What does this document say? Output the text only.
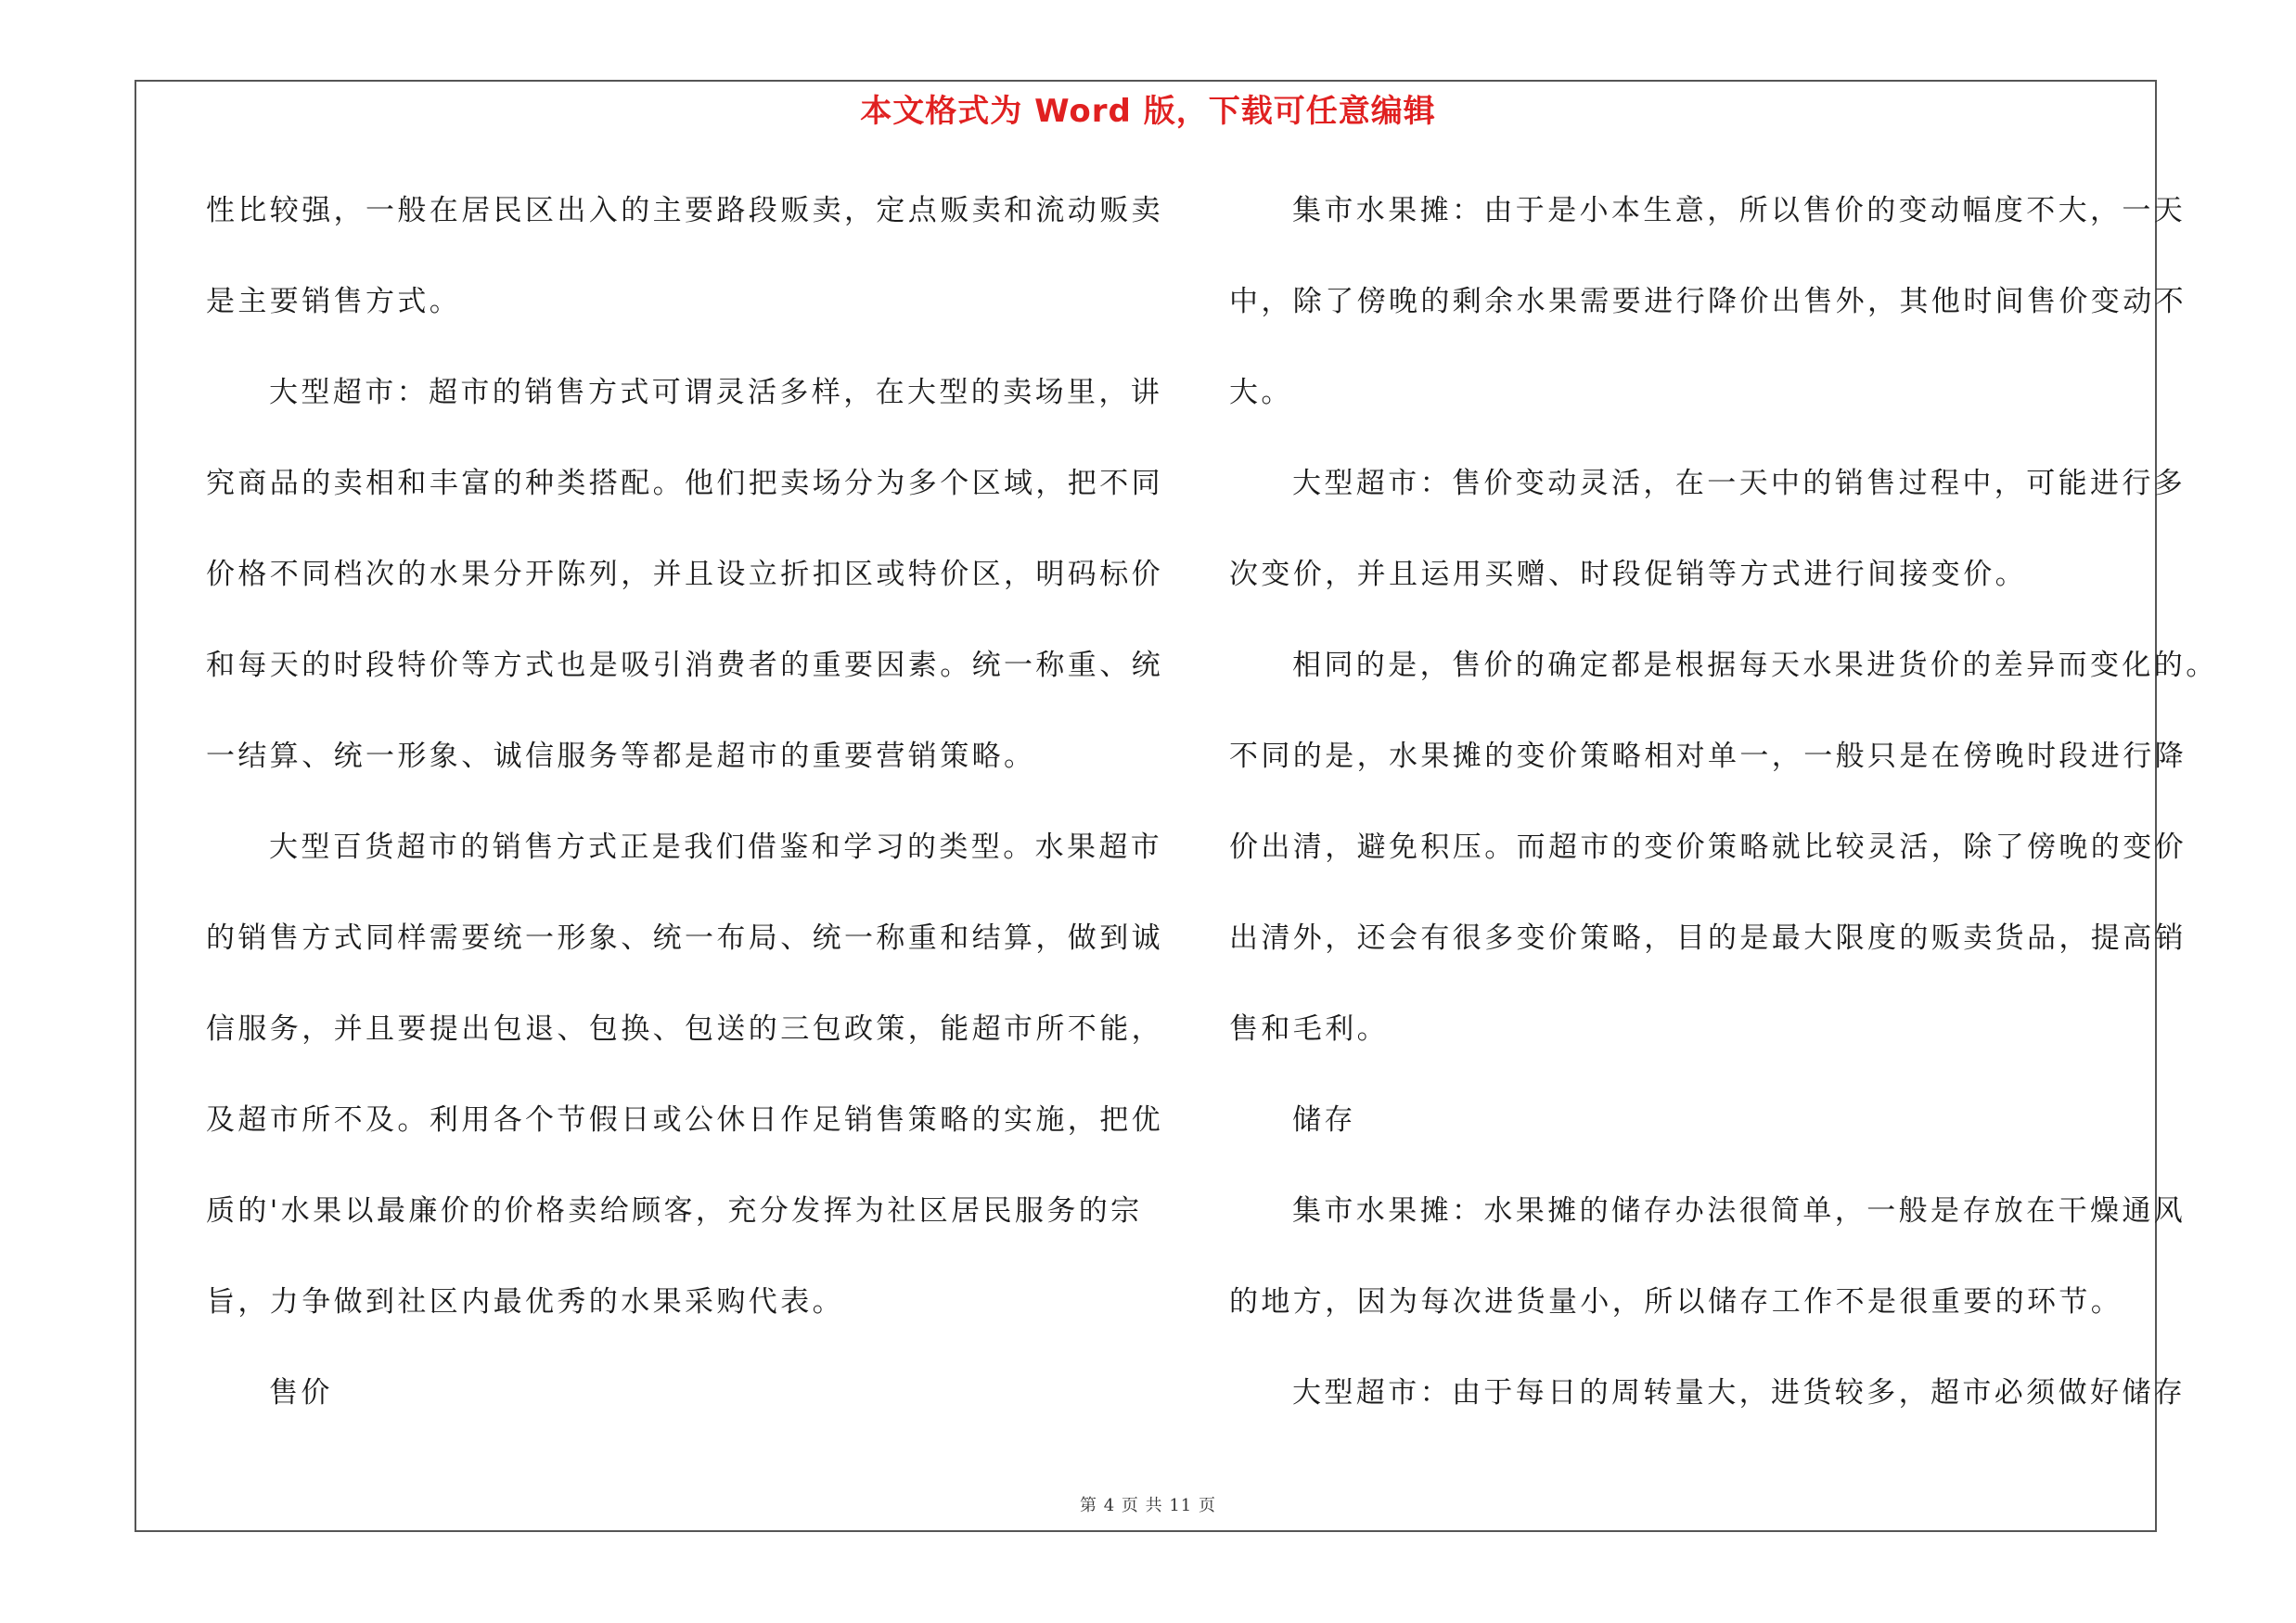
本文格式为 Word 版，下载可任意编辑
性比较强，一般在居民区出入的主要路段贩卖，定点贩卖和流动贩卖
是主要销售方式。
大型超市：超市的销售方式可谓灵活多样，在大型的卖场里，讲
究商品的卖相和丰富的种类搭配。他们把卖场分为多个区域，把不同
价格不同档次的水果分开陈列，并且设立折扣区或特价区，明码标价
和每天的时段特价等方式也是吸引消费者的重要因素。统一称重、统
一结算、统一形象、诚信服务等都是超市的重要营销策略。
大型百货超市的销售方式正是我们借鉴和学习的类型。水果超市
的销售方式同样需要统一形象、统一布局、统一称重和结算，做到诚
信服务，并且要提出包退、包换、包送的三包政策，能超市所不能，
及超市所不及。利用各个节假日或公休日作足销售策略的实施，把优
质的'水果以最廉价的价格卖给顾客，充分发挥为社区居民服务的宗
旨，力争做到社区内最优秀的水果采购代表。
售价
集市水果摊：由于是小本生意，所以售价的变动幅度不大，一天
中，除了傍晚的剩余水果需要进行降价出售外，其他时间售价变动不
大。
大型超市：售价变动灵活，在一天中的销售过程中，可能进行多
次变价，并且运用买赠、时段促销等方式进行间接变价。
相同的是，售价的确定都是根据每天水果进货价的差异而变化的。
不同的是，水果摊的变价策略相对单一，一般只是在傍晚时段进行降
价出清，避免积压。而超市的变价策略就比较灵活，除了傍晚的变价
出清外，还会有很多变价策略，目的是最大限度的贩卖货品，提高销
售和毛利。
储存
集市水果摊：水果摊的储存办法很简单，一般是存放在干燥通风
的地方，因为每次进货量小，所以储存工作不是很重要的环节。
大型超市：由于每日的周转量大，进货较多，超市必须做好储存
第 4 页 共 11 页
